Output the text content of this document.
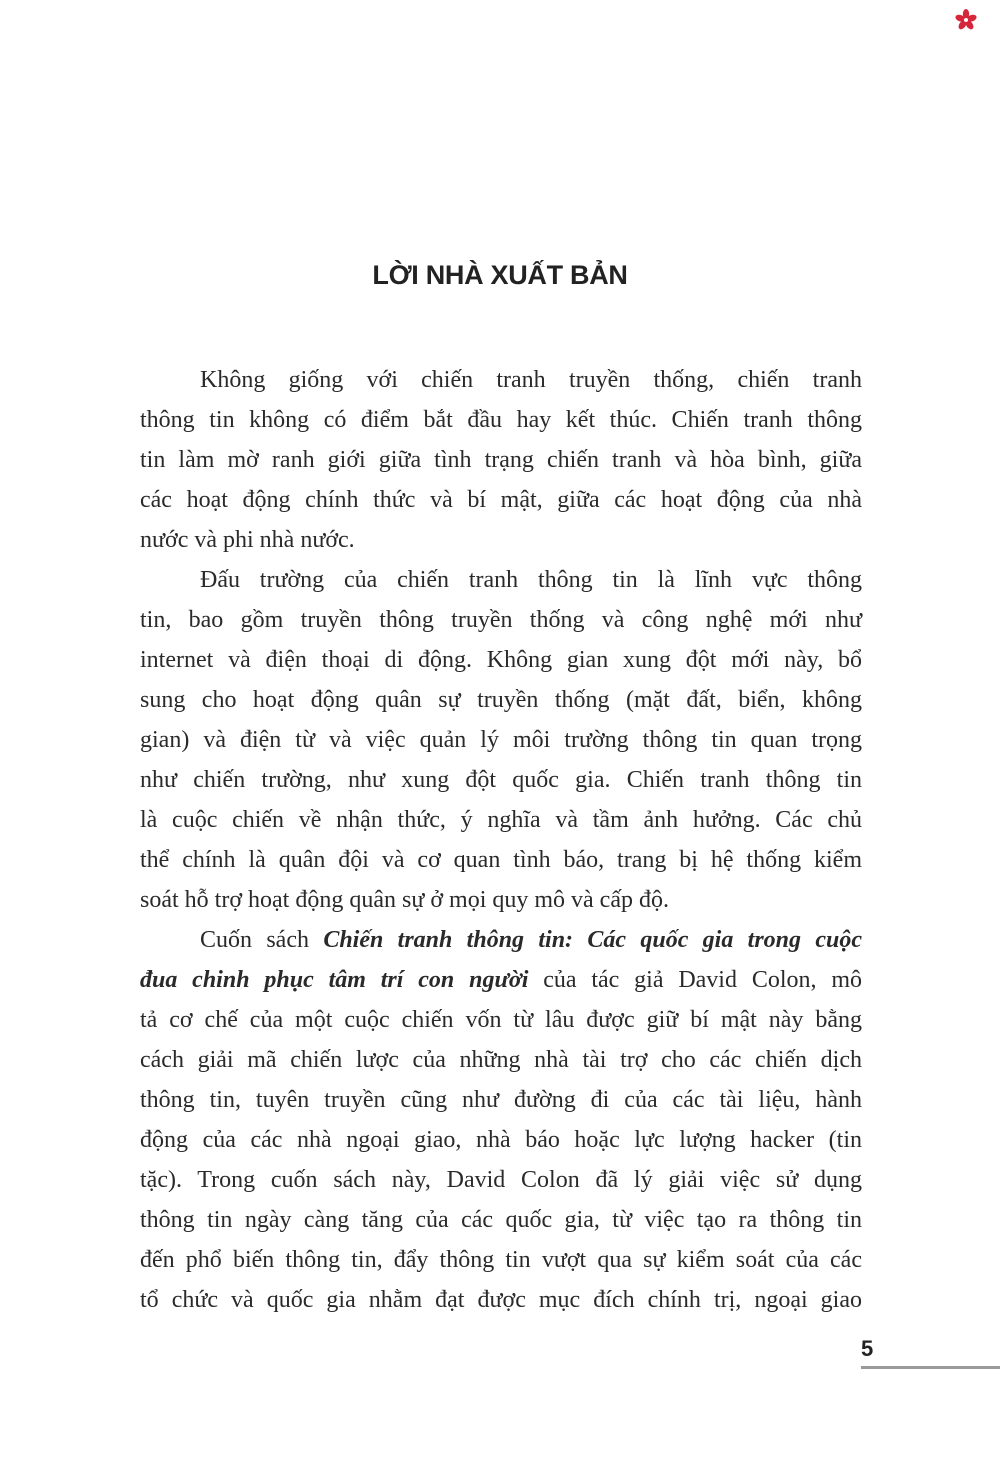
LỜI NHÀ XUẤT BẢN
Không giống với chiến tranh truyền thống, chiến tranh
thông tin không có điểm bắt đầu hay kết thúc. Chiến tranh thông
tin làm mờ ranh giới giữa tình trạng chiến tranh và hòa bình, giữa
các hoạt động chính thức và bí mật, giữa các hoạt động của nhà
nước và phi nhà nước.
Đấu trường của chiến tranh thông tin là lĩnh vực thông
tin, bao gồm truyền thông truyền thống và công nghệ mới như
internet và điện thoại di động. Không gian xung đột mới này, bổ
sung cho hoạt động quân sự truyền thống (mặt đất, biển, không
gian) và điện từ và việc quản lý môi trường thông tin quan trọng
như chiến trường, như xung đột quốc gia. Chiến tranh thông tin
là cuộc chiến về nhận thức, ý nghĩa và tầm ảnh hưởng. Các chủ
thể chính là quân đội và cơ quan tình báo, trang bị hệ thống kiểm
soát hỗ trợ hoạt động quân sự ở mọi quy mô và cấp độ.
Cuốn sách Chiến tranh thông tin: Các quốc gia trong cuộc
đua chinh phục tâm trí con người của tác giả David Colon, mô
tả cơ chế của một cuộc chiến vốn từ lâu được giữ bí mật này bằng
cách giải mã chiến lược của những nhà tài trợ cho các chiến dịch
thông tin, tuyên truyền cũng như đường đi của các tài liệu, hành
động của các nhà ngoại giao, nhà báo hoặc lực lượng hacker (tin
tặc). Trong cuốn sách này, David Colon đã lý giải việc sử dụng
thông tin ngày càng tăng của các quốc gia, từ việc tạo ra thông tin
đến phổ biến thông tin, đẩy thông tin vượt qua sự kiểm soát của các
tổ chức và quốc gia nhằm đạt được mục đích chính trị, ngoại giao
5
